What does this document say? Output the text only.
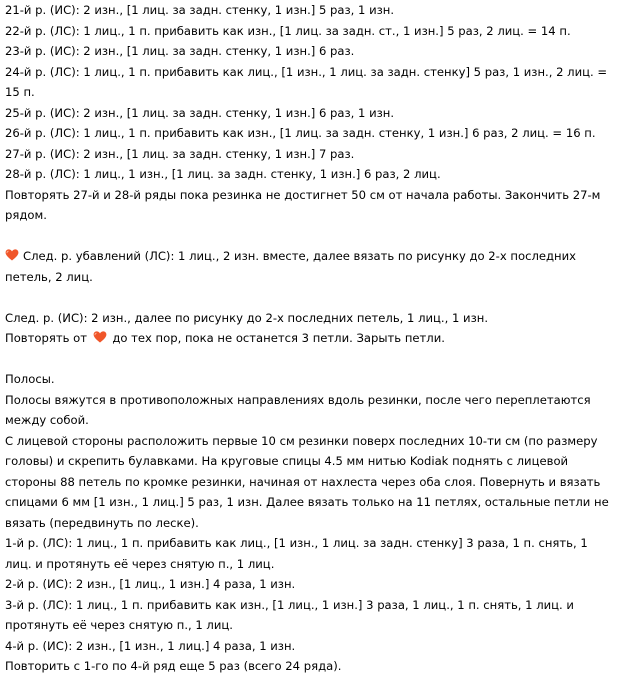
21-й р. (ИС): 2 изн., [1 лиц. за задн. стенку, 1 изн.] 5 раз, 1 изн.
22-й р. (ЛС): 1 лиц., 1 п. прибавить как изн., [1 лиц. за задн. ст., 1 изн.] 5 раз, 2 лиц. = 14 п.
23-й р. (ИС): 2 изн., [1 лиц. за задн. стенку, 1 изн.] 6 раз.
24-й р. (ЛС): 1 лиц., 1 п. прибавить как лиц., [1 изн., 1 лиц. за задн. стенку] 5 раз, 1 изн., 2 лиц. = 15 п.
25-й р. (ИС): 2 изн., [1 лиц. за задн. стенку, 1 изн.] 6 раз, 1 изн.
26-й р. (ЛС): 1 лиц., 1 п. прибавить как изн., [1 лиц. за задн. стенку, 1 изн.] 6 раз, 2 лиц. = 16 п.
27-й р. (ИС): 2 изн., [1 лиц. за задн. стенку, 1 изн.] 7 раз.
28-й р. (ЛС): 1 лиц., 1 изн., [1 лиц. за задн. стенку, 1 изн.] 6 раз, 2 лиц.
Повторять 27-й и 28-й ряды пока резинка не достигнет 50 см от начала работы. Закончить 27-м рядом.
След. р. убавлений (ЛС): 1 лиц., 2 изн. вместе, далее вязать по рисунку до 2-х последних петель, 2 лиц.
След. р. (ИС): 2 изн., далее по рисунку до 2-х последних петель, 1 лиц., 1 изн.
Повторять от до тех пор, пока не останется 3 петли. Зарыть петли.
Полосы.
Полосы вяжутся в противоположных направлениях вдоль резинки, после чего переплетаются между собой.
С лицевой стороны расположить первые 10 см резинки поверх последних 10-ти см (по размеру головы) и скрепить булавками. На круговые спицы 4.5 мм нитью Kodiak поднять с лицевой стороны 88 петель по кромке резинки, начиная от нахлеста через оба слоя. Повернуть и вязать спицами 6 мм [1 изн., 1 лиц.] 5 раз, 1 изн. Далее вязать только на 11 петлях, остальные петли не вязать (передвинуть по леске).
1-й р. (ЛС): 1 лиц., 1 п. прибавить как лиц., [1 изн., 1 лиц. за задн. стенку] 3 раза, 1 п. снять, 1 лиц. и протянуть её через снятую п., 1 лиц.
2-й р. (ИС): 2 изн., [1 лиц., 1 изн.] 4 раза, 1 изн.
3-й р. (ЛС): 1 лиц., 1 п. прибавить как изн., [1 лиц., 1 изн.] 3 раза, 1 лиц., 1 п. снять, 1 лиц. и протянуть её через снятую п., 1 лиц.
4-й р. (ИС): 2 изн., [1 изн., 1 лиц.] 4 раза, 1 изн.
Повторить с 1-го по 4-й ряд еще 5 раз (всего 24 ряда).
